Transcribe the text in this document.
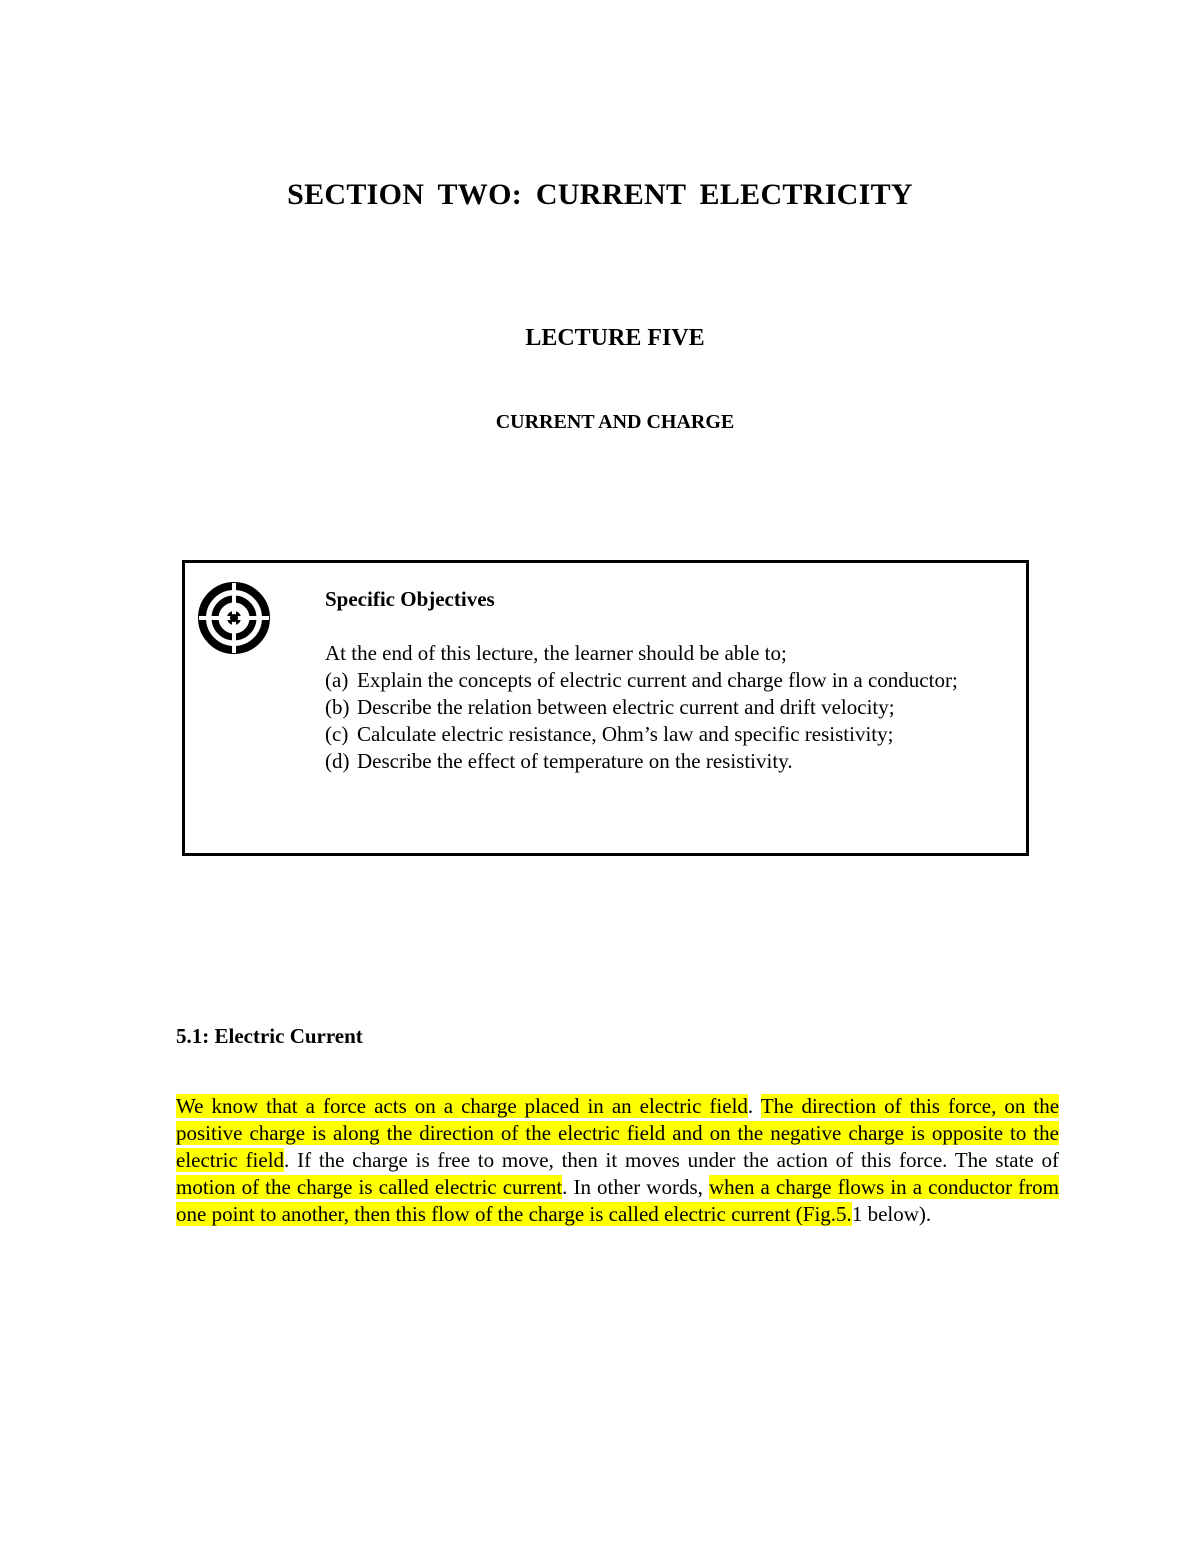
SECTION TWO: CURRENT ELECTRICITY
LECTURE FIVE
CURRENT AND CHARGE
Specific Objectives
At the end of this lecture, the learner should be able to;
(a) Explain the concepts of electric current and charge flow in a conductor;
(b) Describe the relation between electric current and drift velocity;
(c) Calculate electric resistance, Ohm’s law and specific resistivity;
(d) Describe the effect of temperature on the resistivity.
5.1: Electric Current

We know that a force acts on a charge placed in an electric field. The direction of this force, on the positive charge is along the direction of the electric field and on the negative charge is opposite to the electric field. If the charge is free to move, then it moves under the action of this force. The state of motion of the charge is called electric current. In other words, when a charge flows in a conductor from one point to another, then this flow of the charge is called electric current (Fig.5.1 below).
